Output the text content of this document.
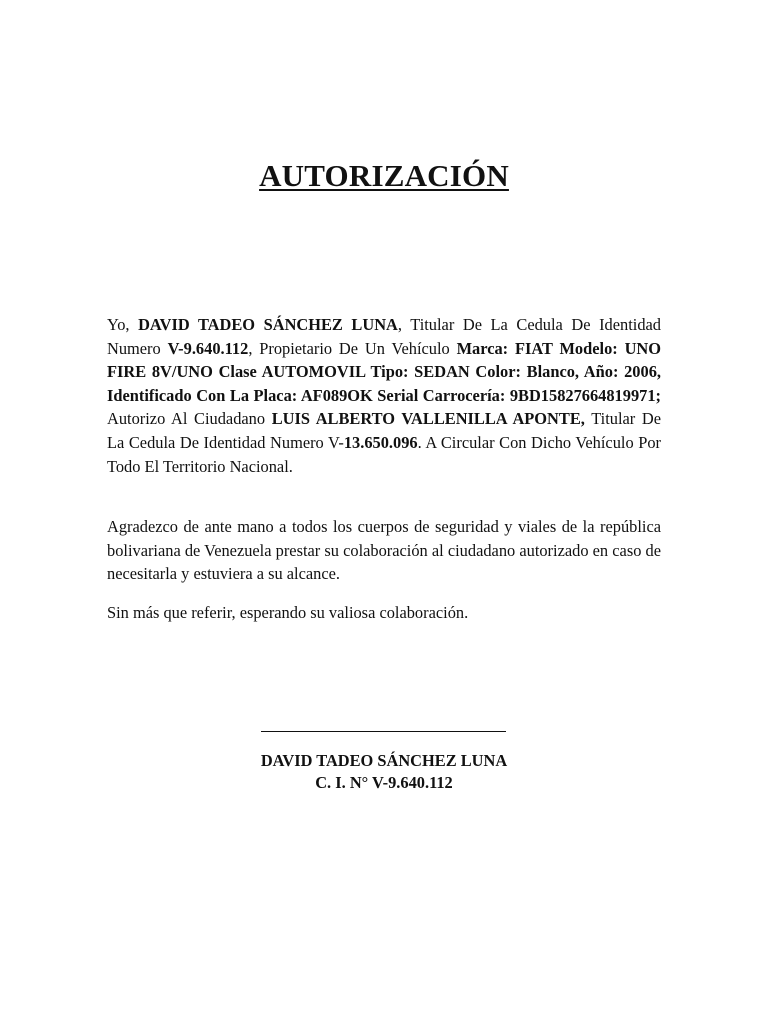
AUTORIZACIÓN

Yo, DAVID TADEO SÁNCHEZ LUNA, Titular De La Cedula De Identidad Numero V-9.640.112, Propietario De Un Vehículo Marca: FIAT Modelo: UNO FIRE 8V/UNO Clase AUTOMOVIL Tipo: SEDAN Color: Blanco, Año: 2006, Identificado Con La Placa: AF089OK Serial Carrocería: 9BD15827664819971; Autorizo Al Ciudadano LUIS ALBERTO VALLENILLA APONTE, Titular De La Cedula De Identidad Numero V-13.650.096. A Circular Con Dicho Vehículo Por Todo El Territorio Nacional.

Agradezco de ante mano a todos los cuerpos de seguridad y viales de la república bolivariana de Venezuela prestar su colaboración al ciudadano autorizado en caso de necesitarla y estuviera a su alcance.

Sin más que referir, esperando su valiosa colaboración.

DAVID TADEO SÁNCHEZ LUNA
C. I. N° V-9.640.112
